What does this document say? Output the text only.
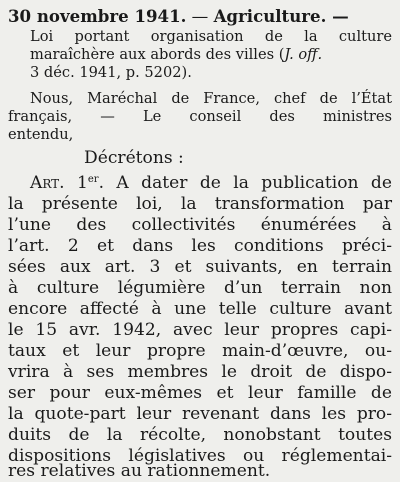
30 novembre 1941. — Agriculture. —
Loi portant organisation de la culture
maraîchère aux abords des villes (J. off.
3 déc. 1941, p. 5202).
Nous, Maréchal de France, chef de l’État
français, — Le conseil des ministres
entendu,
Décrétons :
Art. 1er. A dater de la publication de
la présente loi, la transformation par
l’une des collectivités énumérées à
l’art. 2 et dans les conditions préci-
sées aux art. 3 et suivants, en terrain
à culture légumière d’un terrain non
encore affecté à une telle culture avant
le 15 avr. 1942, avec leur propres capi-
taux et leur propre main-d’œuvre, ou-
vrira à ses membres le droit de dispo-
ser pour eux-mêmes et leur famille de
la quote-part leur revenant dans les pro-
duits de la récolte, nonobstant toutes
dispositions législatives ou réglementai-
res relatives au rationnement.
